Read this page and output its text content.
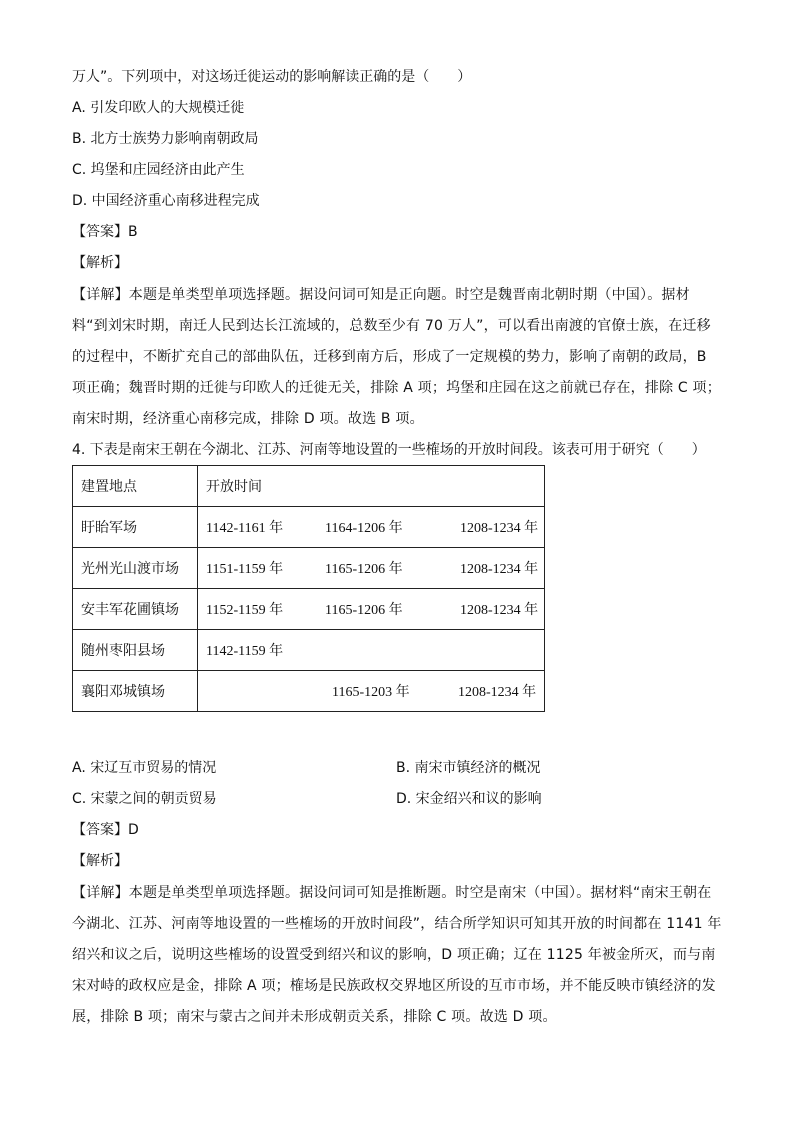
万人”。下列项中，对这场迁徙运动的影响解读正确的是（　　）
A. 引发印欧人的大规模迁徙
B. 北方士族势力影响南朝政局
C. 坞堡和庄园经济由此产生
D. 中国经济重心南移进程完成
【答案】B
【解析】
【详解】本题是单类型单项选择题。据设问词可知是正向题。时空是魏晋南北朝时期（中国）。据材料“到刘宋时期，南迁人民到达长江流域的，总数至少有 70 万人”，可以看出南渡的官僚士族，在迁移的过程中，不断扩充自己的部曲队伍，迁移到南方后，形成了一定规模的势力，影响了南朝的政局，B 项正确；魏晋时期的迁徙与印欧人的迁徙无关，排除 A 项；坞堡和庄园在这之前就已存在，排除 C 项；南宋时期，经济重心南移完成，排除 D 项。故选 B 项。
4. 下表是南宋王朝在今湖北、江苏、河南等地设置的一些榷场的开放时间段。该表可用于研究（　　）
建置地点	开放时间
盱眙军场	1142-1161 年 1164-1206 年 1208-1234 年

光州光山渡市场	1151-1159 年 1165-1206 年 1208-1234 年

安丰军花圃镇场	1152-1159 年 1165-1206 年 1208-1234 年

随州枣阳县场	1142-1159 年

襄阳邓城镇场	1165-1203 年 1208-1234 年
A. 宋辽互市贸易的情况	B. 南宋市镇经济的概况
C. 宋蒙之间的朝贡贸易	D. 宋金绍兴和议的影响
【答案】D
【解析】
【详解】本题是单类型单项选择题。据设问词可知是推断题。时空是南宋（中国）。据材料“南宋王朝在今湖北、江苏、河南等地设置的一些榷场的开放时间段”，结合所学知识可知其开放的时间都在 1141 年绍兴和议之后，说明这些榷场的设置受到绍兴和议的影响，D 项正确；辽在 1125 年被金所灭，而与南宋对峙的政权应是金，排除 A 项；榷场是民族政权交界地区所设的互市市场，并不能反映市镇经济的发展，排除 B 项；南宋与蒙古之间并未形成朝贡关系，排除 C 项。故选 D 项。
